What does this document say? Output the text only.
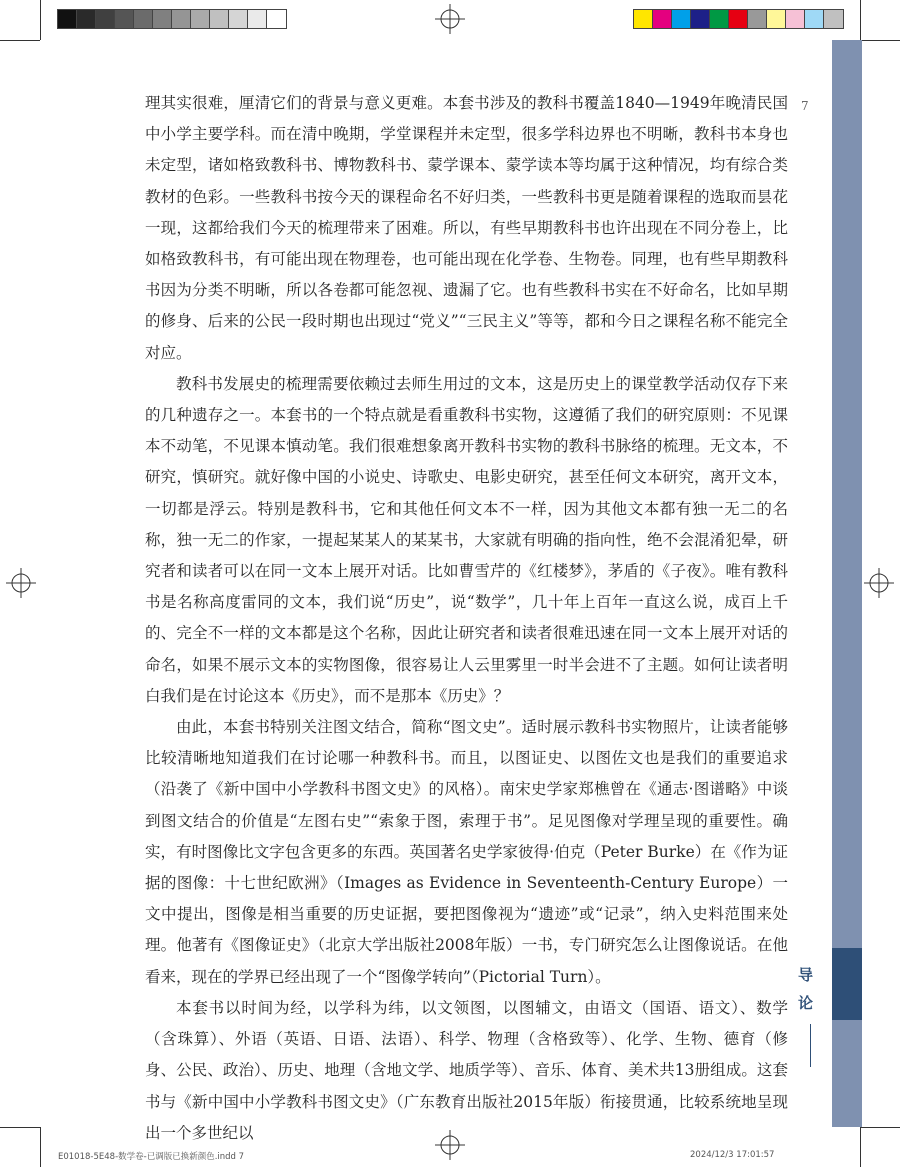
7
导
论

理其实很难，厘清它们的背景与意义更难。本套书涉及的教科书覆盖1840—1949年晚清民国中小学主要学科。而在清中晚期，学堂课程并未定型，很多学科边界也不明晰，教科书本身也未定型，诸如格致教科书、博物教科书、蒙学课本、蒙学读本等均属于这种情况，均有综合类教材的色彩。一些教科书按今天的课程命名不好归类，一些教科书更是随着课程的选取而昙花一现，这都给我们今天的梳理带来了困难。所以，有些早期教科书也许出现在不同分卷上，比如格致教科书，有可能出现在物理卷，也可能出现在化学卷、生物卷。同理，也有些早期教科书因为分类不明晰，所以各卷都可能忽视、遗漏了它。也有些教科书实在不好命名，比如早期的修身、后来的公民一段时期也出现过“党义”“三民主义”等等，都和今日之课程名称不能完全对应。

教科书发展史的梳理需要依赖过去师生用过的文本，这是历史上的课堂教学活动仅存下来的几种遗存之一。本套书的一个特点就是看重教科书实物，这遵循了我们的研究原则：不见课本不动笔，不见课本慎动笔。我们很难想象离开教科书实物的教科书脉络的梳理。无文本，不研究，慎研究。就好像中国的小说史、诗歌史、电影史研究，甚至任何文本研究，离开文本，一切都是浮云。特别是教科书，它和其他任何文本不一样，因为其他文本都有独一无二的名称，独一无二的作家，一提起某某人的某某书，大家就有明确的指向性，绝不会混淆犯晕，研究者和读者可以在同一文本上展开对话。比如曹雪芹的《红楼梦》，茅盾的《子夜》。唯有教科书是名称高度雷同的文本，我们说“历史”，说“数学”，几十年上百年一直这么说，成百上千的、完全不一样的文本都是这个名称，因此让研究者和读者很难迅速在同一文本上展开对话的命名，如果不展示文本的实物图像，很容易让人云里雾里一时半会进不了主题。如何让读者明白我们是在讨论这本《历史》，而不是那本《历史》？

由此，本套书特别关注图文结合，简称“图文史”。适时展示教科书实物照片，让读者能够比较清晰地知道我们在讨论哪一种教科书。而且，以图证史、以图佐文也是我们的重要追求（沿袭了《新中国中小学教科书图文史》的风格）。南宋史学家郑樵曾在《通志·图谱略》中谈到图文结合的价值是“左图右史”“索象于图，索理于书”。足见图像对学理呈现的重要性。确实，有时图像比文字包含更多的东西。英国著名史学家彼得·伯克（Peter Burke）在《作为证据的图像：十七世纪欧洲》（Images as Evidence in Seventeenth-Century Europe）一文中提出，图像是相当重要的历史证据，要把图像视为“遗迹”或“记录”，纳入史料范围来处理。他著有《图像证史》（北京大学出版社2008年版）一书，专门研究怎么让图像说话。在他看来，现在的学界已经出现了一个“图像学转向”（Pictorial Turn）。

本套书以时间为经，以学科为纬，以文领图，以图辅文，由语文（国语、语文）、数学（含珠算）、外语（英语、日语、法语）、科学、物理（含格致等）、化学、生物、德育（修身、公民、政治）、历史、地理（含地文学、地质学等）、音乐、体育、美术共13册组成。这套书与《新中国中小学教科书图文史》（广东教育出版社2015年版）衔接贯通，比较系统地呈现出一个多世纪以

E01018-5E48-数学卷-已调版已换新颜色.indd 7	2024/12/3 17:01:57
